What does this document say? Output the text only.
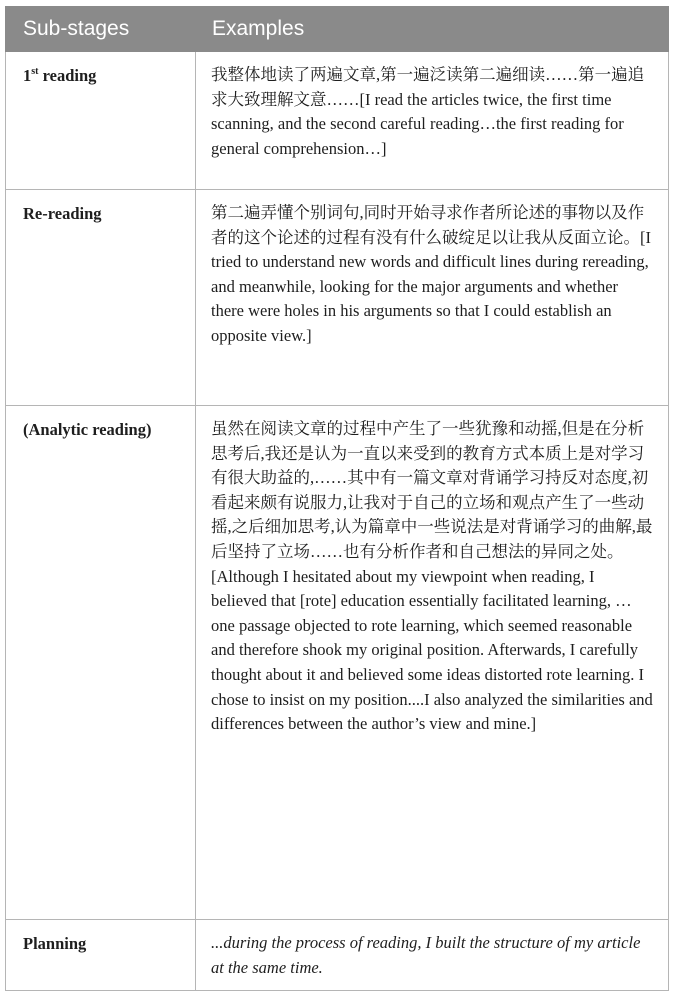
Sub-stages	Examples
1st reading	我整体地读了两遍文章,第一遍泛读第二遍细读……第一遍追求大致理解文意……[I read the articles twice, the first time scanning, and the second careful reading…the first reading for general comprehension…]
Re-reading	第二遍弄懂个别词句,同时开始寻求作者所论述的事物以及作者的这个论述的过程有没有什么破绽足以让我从反面立论。[I tried to understand new words and difficult lines during rereading, and meanwhile, looking for the major arguments and whether there were holes in his arguments so that I could establish an opposite view.]
(Analytic reading)	虽然在阅读文章的过程中产生了一些犹豫和动摇,但是在分析思考后,我还是认为一直以来受到的教育方式本质上是对学习有很大助益的,……其中有一篇文章对背诵学习持反对态度,初看起来颇有说服力,让我对于自己的立场和观点产生了一些动摇,之后细加思考,认为篇章中一些说法是对背诵学习的曲解,最后坚持了立场……也有分析作者和自己想法的异同之处。[Although I hesitated about my viewpoint when reading, I believed that [rote] education essentially facilitated learning, …one passage objected to rote learning, which seemed reasonable and therefore shook my original position. Afterwards, I carefully thought about it and believed some ideas distorted rote learning. I chose to insist on my position....I also analyzed the similarities and differences between the author’s view and mine.]
Planning	...during the process of reading, I built the structure of my article at the same time.
